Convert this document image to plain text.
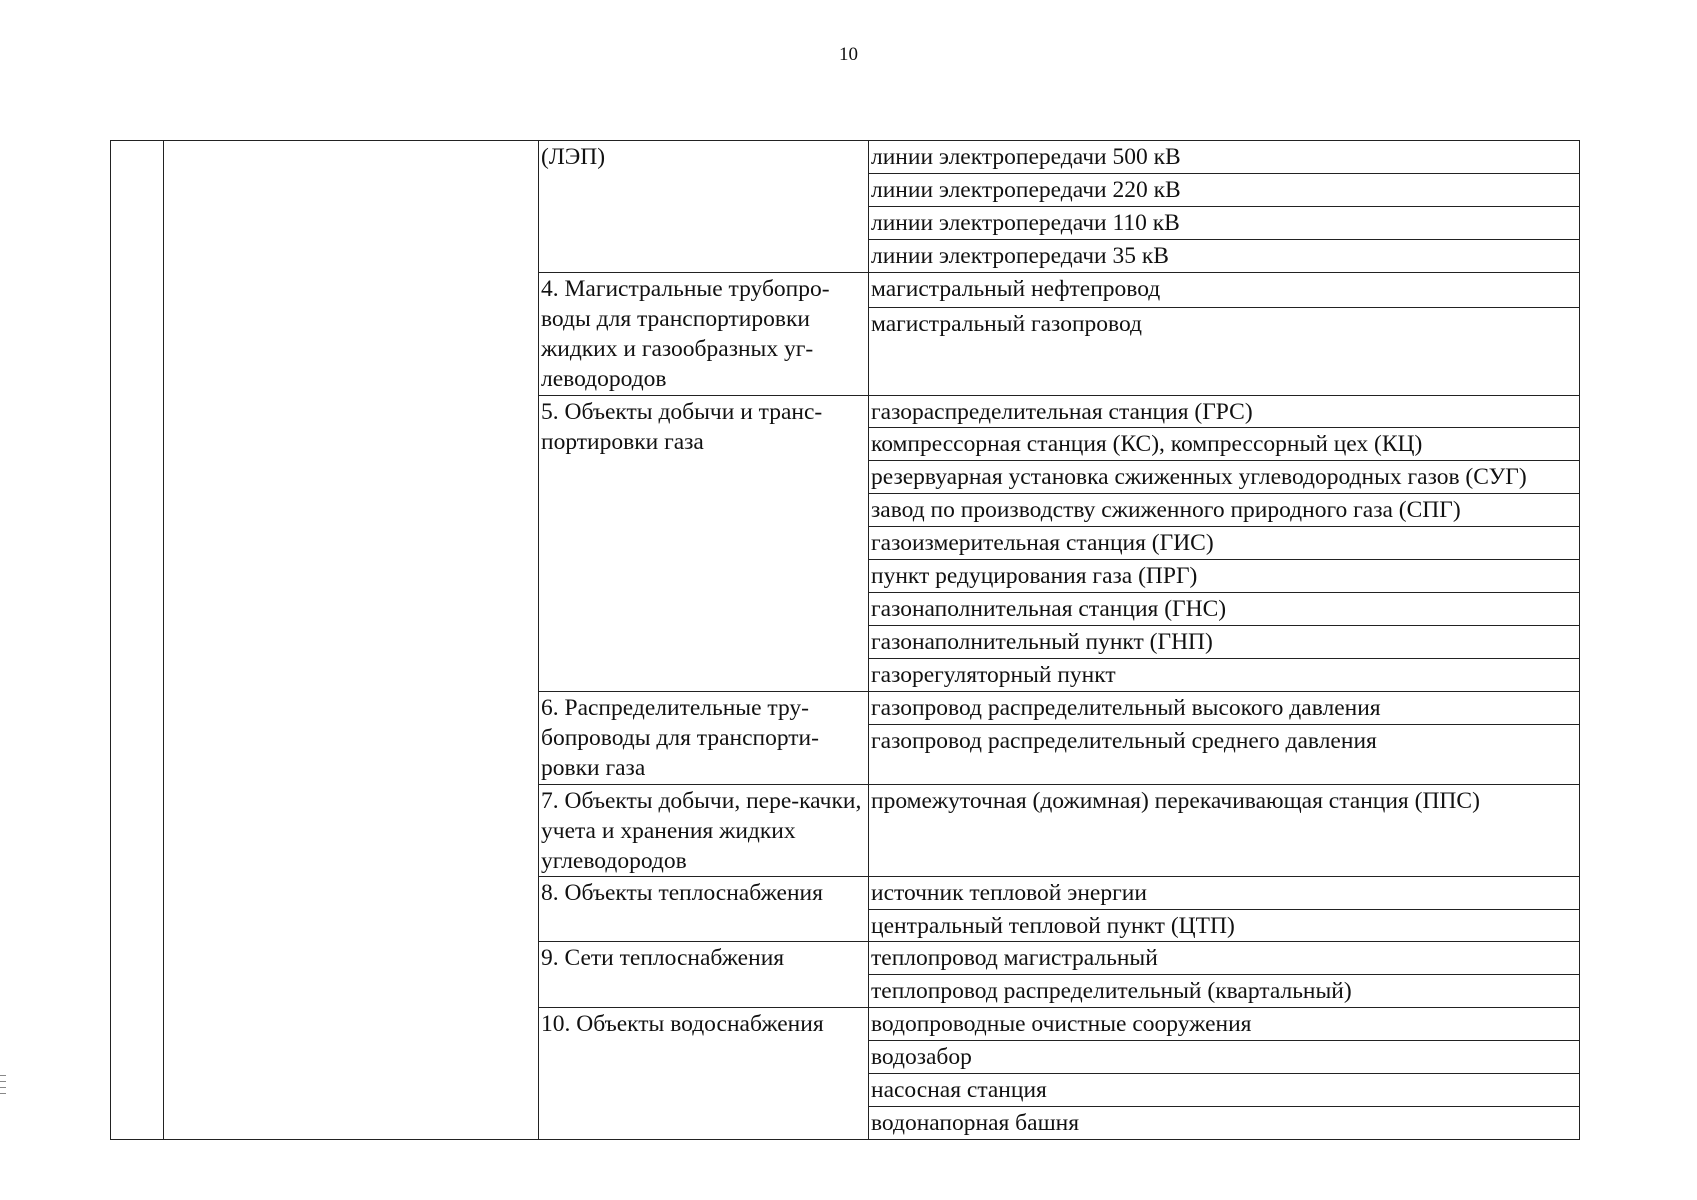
10
		(ЛЭП)	линии электропередачи 500 кВ
			линии электропередачи 220 кВ
			линии электропередачи 110 кВ
			линии электропередачи 35 кВ
		4. Магистральные трубопро-воды для транспортировки жидких и газообразных уг-леводородов	магистральный нефтепровод
			магистральный газопровод
		5. Объекты добычи и транс-портировки газа	газораспределительная станция (ГРС)
			компрессорная станция (КС), компрессорный цех (КЦ)
			резервуарная установка сжиженных углеводородных газов (СУГ)
			завод по производству сжиженного природного газа (СПГ)
			газоизмерительная станция (ГИС)
			пункт редуцирования газа (ПРГ)
			газонаполнительная станция (ГНС)
			газонаполнительный пункт (ГНП)
			газорегуляторный пункт
		6. Распределительные тру-бопроводы для транспорти-ровки газа	газопровод распределительный высокого давления
			газопровод распределительный среднего давления
		7. Объекты добычи, пере-качки, учета и хранения жидких углеводородов	промежуточная (дожимная) перекачивающая станция (ППС)
		8. Объекты теплоснабжения	источник тепловой энергии
			центральный тепловой пункт (ЦТП)
		9. Сети теплоснабжения	теплопровод магистральный
			теплопровод распределительный (квартальный)
		10. Объекты водоснабжения	водопроводные очистные сооружения
			водозабор
			насосная станция
			водонапорная башня
